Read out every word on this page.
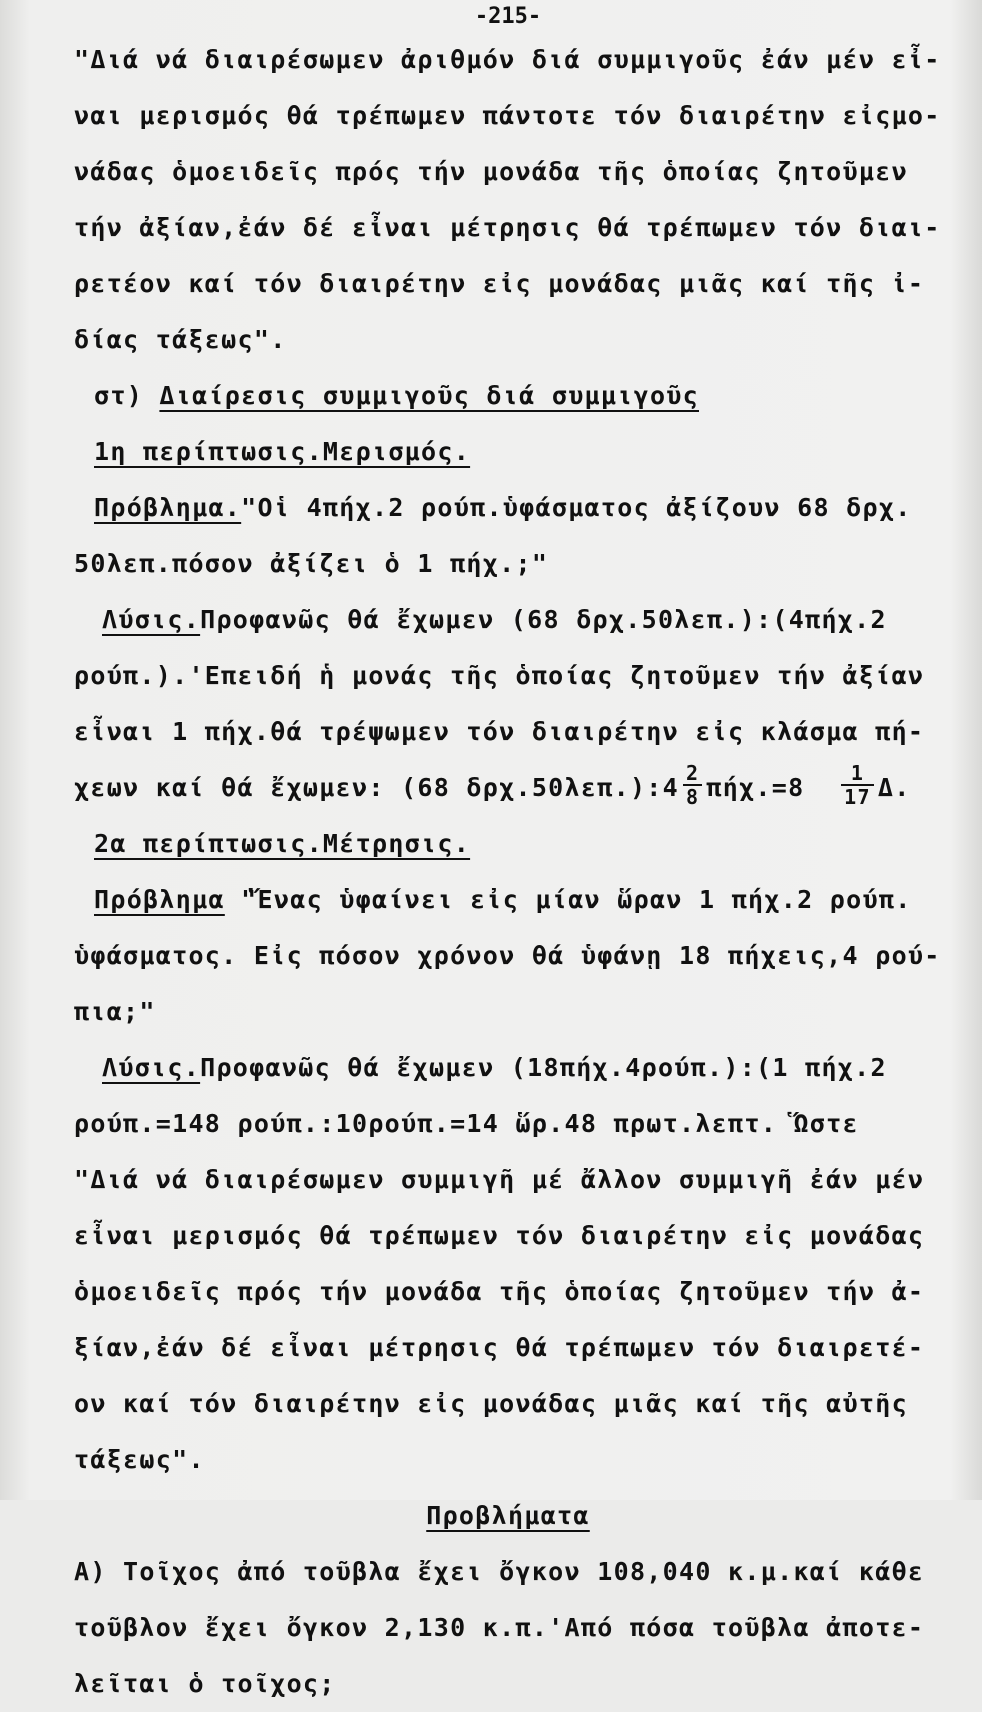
-215-
"Διά νά διαιρέσωμεν ἀριθμόν διά συμμιγοῦς ἐάν μέν εἶ-
ναι μερισμός θά τρέπωμεν πάντοτε τόν διαιρέτην εἰςμο-
νάδας ὁμοειδεῖς πρός τήν μονάδα τῆς ὁποίας ζητοῦμεν
τήν ἀξίαν,ἐάν δέ εἶναι μέτρησις θά τρέπωμεν τόν διαι-
ρετέον καί τόν διαιρέτην εἰς μονάδας μιᾶς καί τῆς ἰ-
δίας τάξεως".
στ) Διαίρεσις συμμιγοῦς διά συμμιγοῦς
1η περίπτωσις.Μερισμός.
Πρόβλημα."Οἱ 4πήχ.2 ρούπ.ὑφάσματος ἀξίζουν 68 δρχ.
50λεπ.πόσον ἀξίζει ὁ 1 πήχ.;"
Λύσις.Προφανῶς θά ἔχωμεν (68 δρχ.50λεπ.):(4πήχ.2
ρούπ.).'Επειδή ἡ μονάς τῆς ὁποίας ζητοῦμεν τήν ἀξίαν
εἶναι 1 πήχ.θά τρέψωμεν τόν διαιρέτην εἰς κλάσμα πή-
χεων καί θά ἔχωμεν: (68 δρχ.50λεπ.):4 $\frac{2}{8} \pi ή\chi.=8 \frac{1}{17} \Delta$.
2α περίπτωσις.Μέτρησις.
Πρόβλημα "Ἕνας ὑφαίνει εἰς μίαν ὥραν 1 πήχ.2 ρούπ.
ὑφάσματος. Εἰς πόσον χρόνον θά ὑφάνῃ 18 πήχεις,4 ρού-
πια;"
Λύσις.Προφανῶς θά ἔχωμεν (18πήχ.4ρούπ.):(1 πήχ.2
ρούπ.=148 ρούπ.:10ρούπ.=14 ὥρ.48 πρωτ.λεπτ. Ὥστε
"Διά νά διαιρέσωμεν συμμιγῆ μέ ἄλλον συμμιγῆ ἐάν μέν
εἶναι μερισμός θά τρέπωμεν τόν διαιρέτην εἰς μονάδας
ὁμοειδεῖς πρός τήν μονάδα τῆς ὁποίας ζητοῦμεν τήν ἀ-
ξίαν,ἐάν δέ εἶναι μέτρησις θά τρέπωμεν τόν διαιρετέ-
ον καί τόν διαιρέτην εἰς μονάδας μιᾶς καί τῆς αὐτῆς
τάξεως".
Προβλήματα
Α) Τοῖχος ἀπό τοῦβλα ἔχει ὄγκον 108,040 κ.μ.καί κάθε
τοῦβλον ἔχει ὄγκον 2,130 κ.π.'Από πόσα τοῦβλα ἀποτε-
λεῖται ὁ τοῖχος;
